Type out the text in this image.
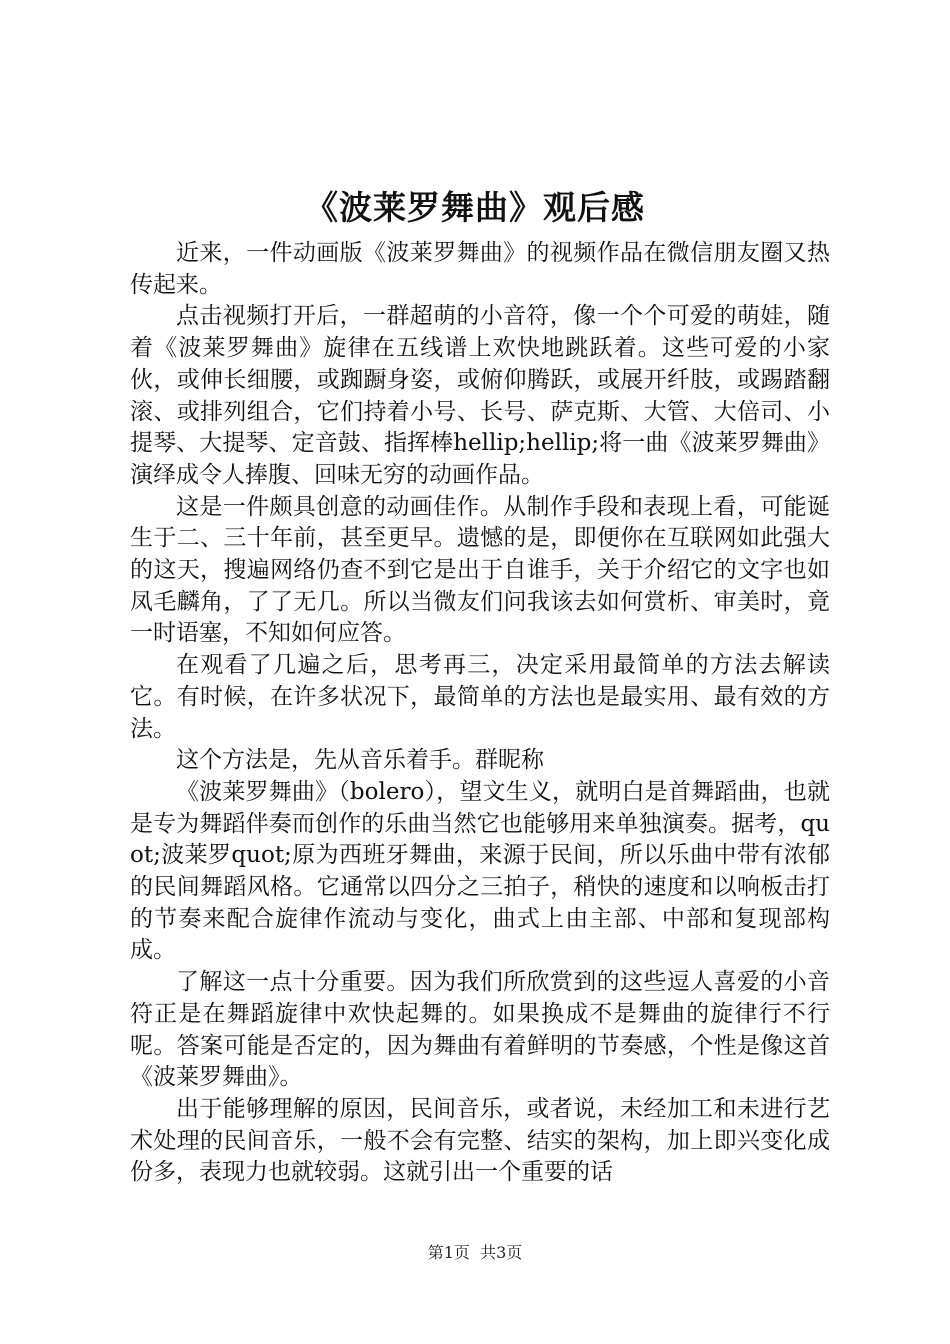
《波莱罗舞曲》观后感

近来，一件动画版《波莱罗舞曲》的视频作品在微信朋友圈又热传起来。

点击视频打开后，一群超萌的小音符，像一个个可爱的萌娃，随着《波莱罗舞曲》旋律在五线谱上欢快地跳跃着。这些可爱的小家伙，或伸长细腰，或踟蹰身姿，或俯仰腾跃，或展开纤肢，或踢踏翻滚、或排列组合，它们持着小号、长号、萨克斯、大管、大倍司、小提琴、大提琴、定音鼓、指挥棒hellip;hellip;将一曲《波莱罗舞曲》演绎成令人捧腹、回味无穷的动画作品。

这是一件颇具创意的动画佳作。从制作手段和表现上看，可能诞生于二、三十年前，甚至更早。遗憾的是，即便你在互联网如此强大的这天，搜遍网络仍查不到它是出于自谁手，关于介绍它的文字也如凤毛麟角，了了无几。所以当微友们问我该去如何赏析、审美时，竟一时语塞，不知如何应答。

在观看了几遍之后，思考再三，决定采用最简单的方法去解读它。有时候，在许多状况下，最简单的方法也是最实用、最有效的方法。

这个方法是，先从音乐着手。群昵称

《波莱罗舞曲》（bolero），望文生义，就明白是首舞蹈曲，也就是专为舞蹈伴奏而创作的乐曲当然它也能够用来单独演奏。据考，quot;波莱罗quot;原为西班牙舞曲，来源于民间，所以乐曲中带有浓郁的民间舞蹈风格。它通常以四分之三拍子，稍快的速度和以响板击打的节奏来配合旋律作流动与变化，曲式上由主部、中部和复现部构成。

了解这一点十分重要。因为我们所欣赏到的这些逗人喜爱的小音符正是在舞蹈旋律中欢快起舞的。如果换成不是舞曲的旋律行不行呢。答案可能是否定的，因为舞曲有着鲜明的节奏感，个性是像这首《波莱罗舞曲》。

出于能够理解的原因，民间音乐，或者说，未经加工和未进行艺术处理的民间音乐，一般不会有完整、结实的架构，加上即兴变化成份多，表现力也就较弱。这就引出一个重要的话

第1页 共3页
